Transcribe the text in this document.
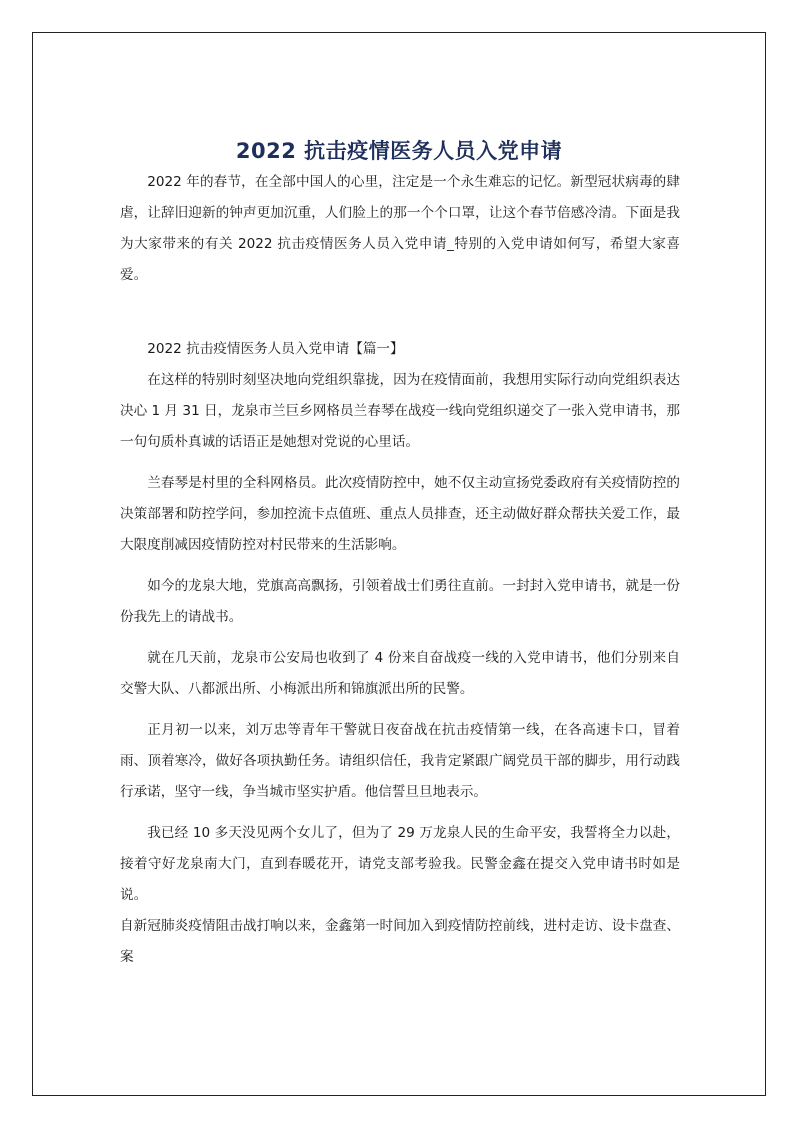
2022 抗击疫情医务人员入党申请

2022 年的春节，在全部中国人的心里，注定是一个永生难忘的记忆。新型冠状病毒的肆虐，让辞旧迎新的钟声更加沉重，人们脸上的那一个个口罩，让这个春节倍感冷清。下面是我为大家带来的有关 2022 抗击疫情医务人员入党申请_特别的入党申请如何写，希望大家喜爱。

2022 抗击疫情医务人员入党申请【篇一】

在这样的特别时刻坚决地向党组织靠拢，因为在疫情面前，我想用实际行动向党组织表达决心 1 月 31 日，龙泉市兰巨乡网格员兰春琴在战疫一线向党组织递交了一张入党申请书，那一句句质朴真诚的话语正是她想对党说的心里话。

兰春琴是村里的全科网格员。此次疫情防控中，她不仅主动宣扬党委政府有关疫情防控的决策部署和防控学问，参加控流卡点值班、重点人员排查，还主动做好群众帮扶关爱工作，最大限度削减因疫情防控对村民带来的生活影响。

如今的龙泉大地，党旗高高飘扬，引领着战士们勇往直前。一封封入党申请书，就是一份份我先上的请战书。

就在几天前，龙泉市公安局也收到了 4 份来自奋战疫一线的入党申请书，他们分别来自交警大队、八都派出所、小梅派出所和锦旗派出所的民警。

正月初一以来，刘万忠等青年干警就日夜奋战在抗击疫情第一线，在各高速卡口，冒着雨、顶着寒冷，做好各项执勤任务。请组织信任，我肯定紧跟广阔党员干部的脚步，用行动践行承诺，坚守一线，争当城市坚实护盾。他信誓旦旦地表示。

我已经 10 多天没见两个女儿了，但为了 29 万龙泉人民的生命平安，我誓将全力以赴，接着守好龙泉南大门，直到春暖花开，请党支部考验我。民警金鑫在提交入党申请书时如是说。

自新冠肺炎疫情阻击战打响以来，金鑫第一时间加入到疫情防控前线，进村走访、设卡盘查、案
